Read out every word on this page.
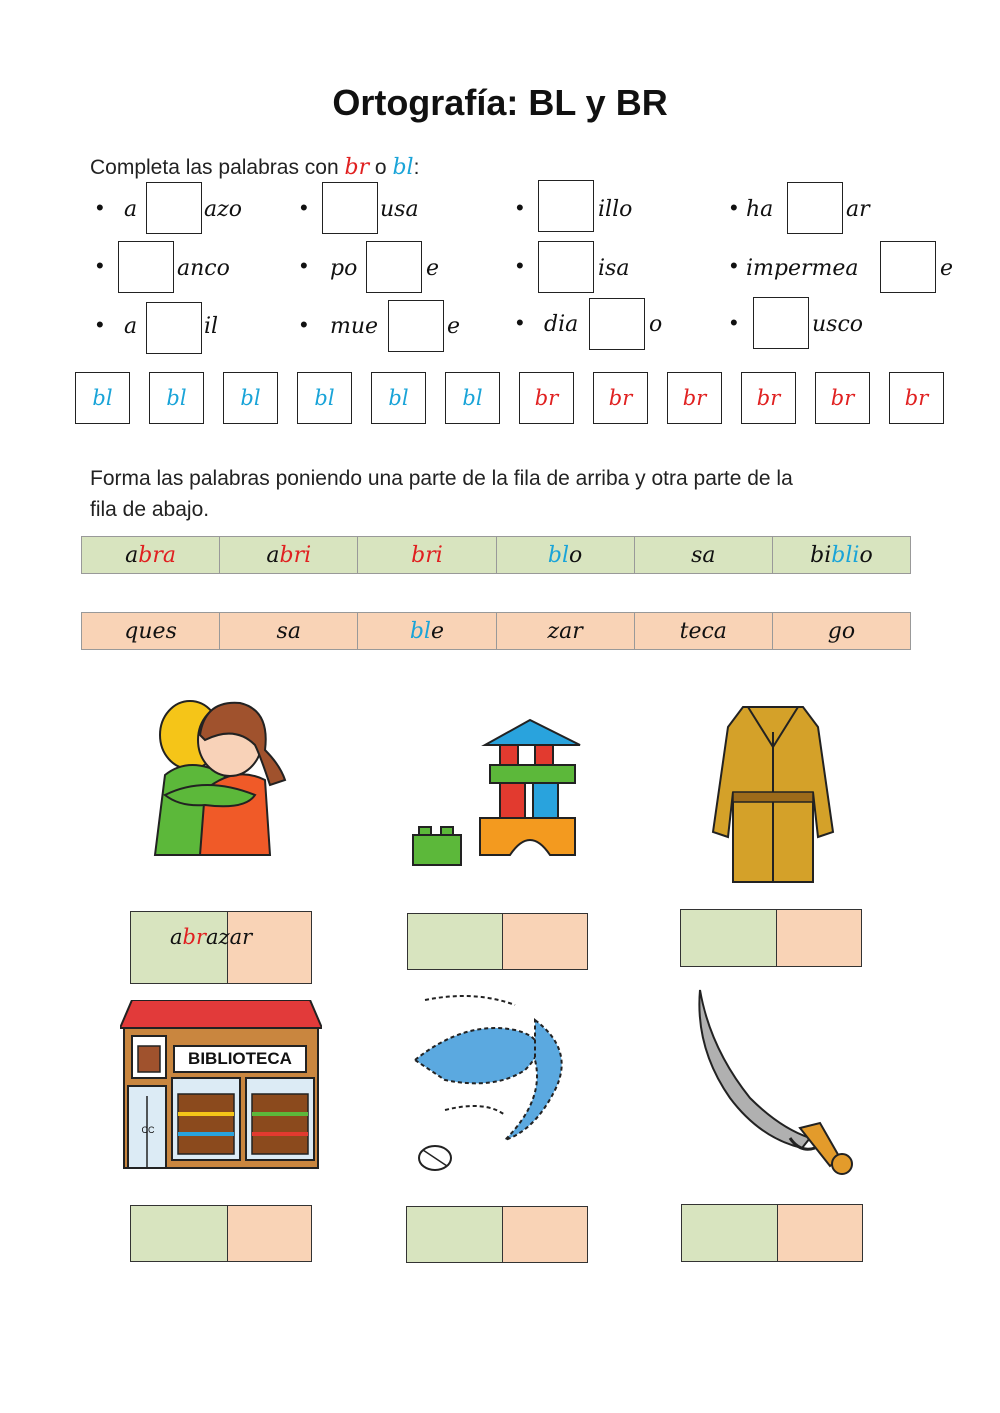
Ortografía: BL y BR
Completa las palabras con br o bl:
• a	azo	•	usa	•	illo	• ha	ar
•	anco	• po	e	•	isa	• impermea	e
• a	il	• mue	e	• dia	o	•	usco
bl	bl	bl	bl	bl	bl br br br br br br
Forma las palabras poniendo una parte de la fila de arriba y otra parte de la
fila de abajo.
a bra	a bri	bri	bl o	sa	bi bli o
ques	sa	bl e	zar	teca	go
abrazar
BIBLIOTECA
CC
